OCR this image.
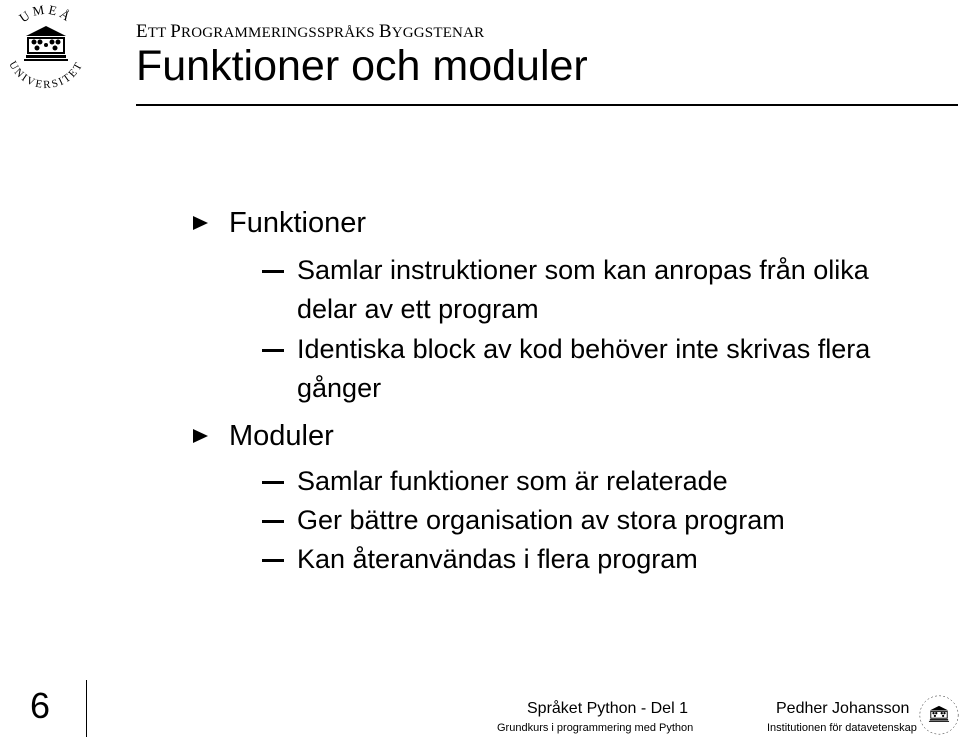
UMEÅ
UNIVERSITET
ETT PROGRAMMERINGSSPRÅKS BYGGSTENAR
Funktioner och moduler
Funktioner
Samlar instruktioner som kan anropas från olika
delar av ett program
Identiska block av kod behöver inte skrivas flera
gånger
Moduler
Samlar funktioner som är relaterade
Ger bättre organisation av stora program
Kan återanvändas i flera program
6	Språket Python - Del 1
Grundkurs i programmering med Python
Pedher Johansson
Institutionen för datavetenskap
